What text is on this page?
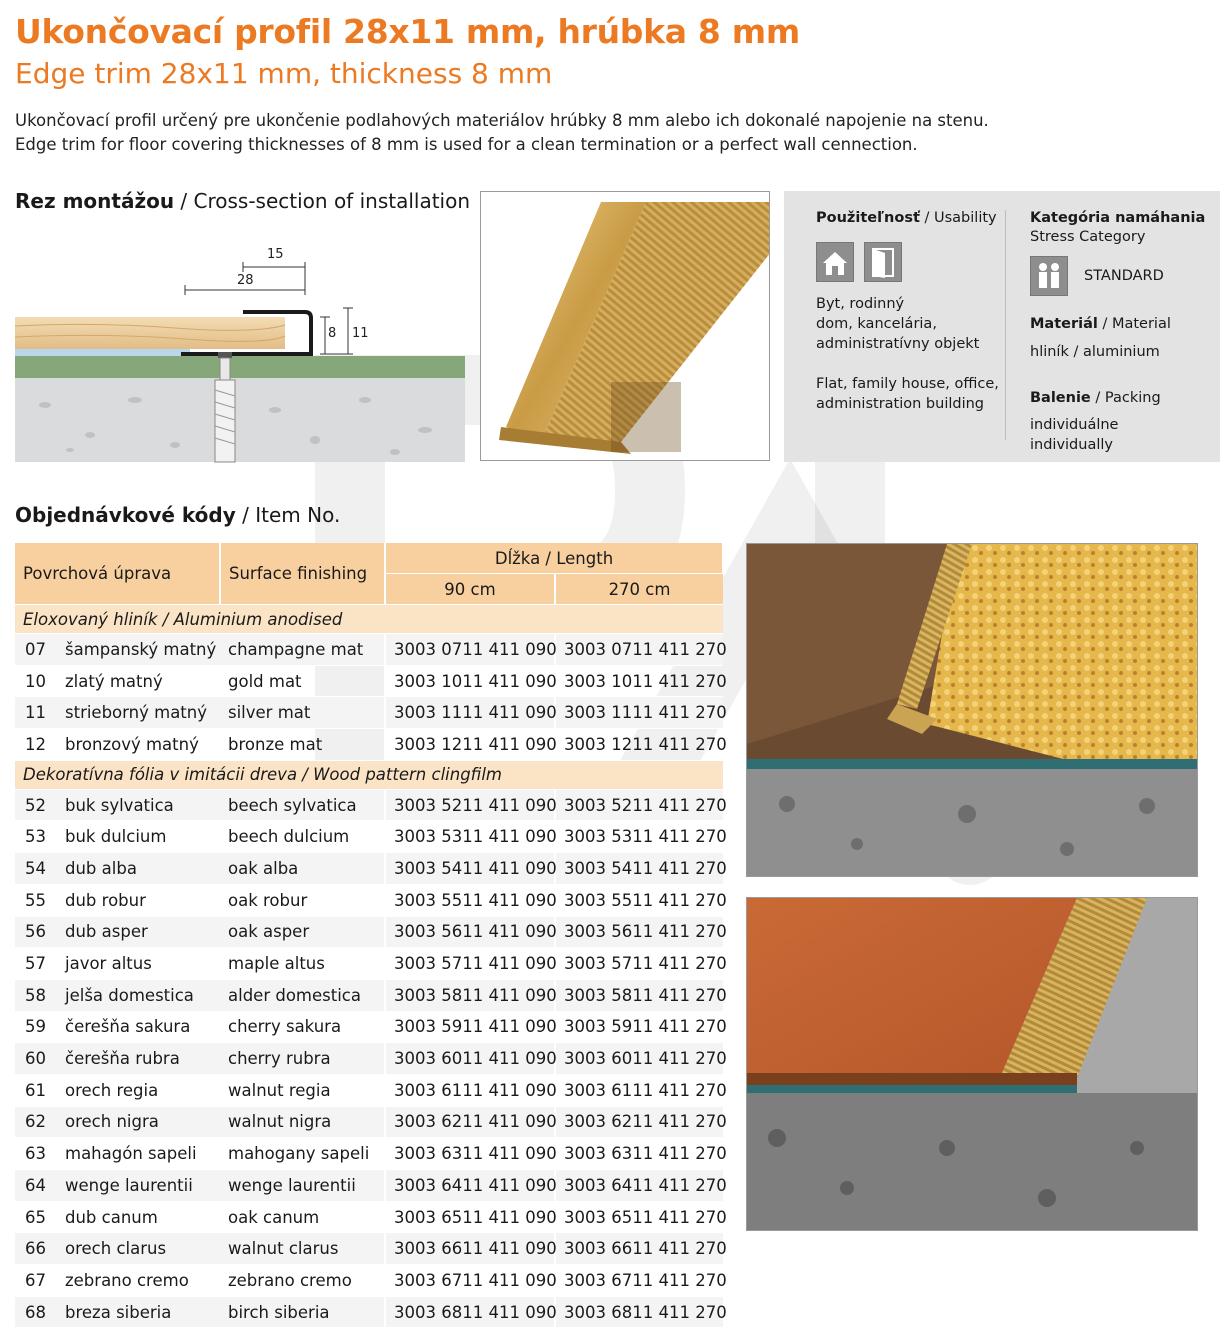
Ukončovací profil 28x11 mm, hrúbka 8 mm
Edge trim 28x11 mm, thickness 8 mm
Ukončovací profil určený pre ukončenie podlahových materiálov hrúbky 8 mm alebo ich dokonalé napojenie na stenu.
Edge trim for floor covering thicknesses of 8 mm is used for a clean termination or a perfect wall cennection.
Rez montážou / Cross-section of installation
15
28
8 11
Použiteľnosť / Usability
Byt, rodinný
dom, kancelária,
administratívny objekt
Flat, family house, office,
administration building
Kategória namáhania
Stress Category
STANDARD
Materiál / Material
hliník / aluminium
Balenie / Packing
individuálne
individually
Objednávkové kódy / Item No.
Povrchová úprava		Surface finishing	Dĺžka / Length	
			90 cm	270 cm
Eloxovaný hliník / Aluminium anodised				
07	šampanský matný	champagne mat	3003 0711 411 090	3003 0711 411 270
10	zlatý matný	gold mat	3003 1011 411 090	3003 1011 411 270
11	strieborný matný	silver mat	3003 1111 411 090	3003 1111 411 270
12	bronzový matný	bronze mat	3003 1211 411 090	3003 1211 411 270
Dekoratívna fólia v imitácii dreva / Wood pattern clingfilm				
52	buk sylvatica	beech sylvatica	3003 5211 411 090	3003 5211 411 270
53	buk dulcium	beech dulcium	3003 5311 411 090	3003 5311 411 270
54	dub alba	oak alba	3003 5411 411 090	3003 5411 411 270
55	dub robur	oak robur	3003 5511 411 090	3003 5511 411 270
56	dub asper	oak asper	3003 5611 411 090	3003 5611 411 270
57	javor altus	maple altus	3003 5711 411 090	3003 5711 411 270
58	jelša domestica	alder domestica	3003 5811 411 090	3003 5811 411 270
59	čerešňa sakura	cherry sakura	3003 5911 411 090	3003 5911 411 270
60	čerešňa rubra	cherry rubra	3003 6011 411 090	3003 6011 411 270
61	orech regia	walnut regia	3003 6111 411 090	3003 6111 411 270
62	orech nigra	walnut nigra	3003 6211 411 090	3003 6211 411 270
63	mahagón sapeli	mahogany sapeli	3003 6311 411 090	3003 6311 411 270
64	wenge laurentii	wenge laurentii	3003 6411 411 090	3003 6411 411 270
65	dub canum	oak canum	3003 6511 411 090	3003 6511 411 270
66	orech clarus	walnut clarus	3003 6611 411 090	3003 6611 411 270
67	zebrano cremo	zebrano cremo	3003 6711 411 090	3003 6711 411 270
68	breza siberia	birch siberia	3003 6811 411 090	3003 6811 411 270
